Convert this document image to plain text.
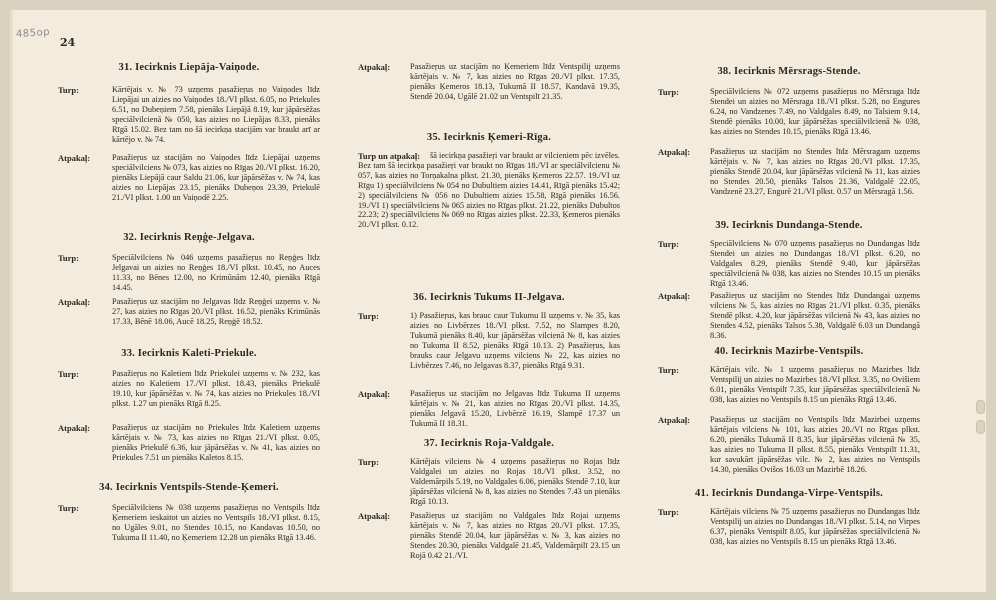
485op
24
31. Iecirknis Liepāja-Vaiņode.
Turp:	Kārtējais v. № 73 uzņems pasažieŗus no Vaiņodes līdz Liepājai un aizies no Vaiņodes 18./VI plkst. 6.05, no Priekules 6.51, no Dubeņiem 7.58, pienāks Liepājā 8.19, kur jāpārsēžas speciālvilcienā № 050, kas aizies no Liepājas 8.33, pienāks Rīgā 15.02. Bez tam no šā iecirkņa stacijām var braukt arī ar kārtējo v. № 74.
Atpakaļ:	Pasažieŗus uz stacijām no Vaiņodes līdz Liepājai uzņems speciālvilciens № 073, kas aizies no Rīgas 20./VI plkst. 16.20, pienāks Liepājā caur Saldu 21.06, kur jāpārsēžas v. № 74, kas aizies no Liepājas 23.15, pienāks Dubeņos 23.39, Priekulē 21./VI plkst. 1.00 un Vaiņodē 2.25.
32. Iecirknis Reņģe-Jelgava.
Turp:	Speciālvilciens № 046 uzņems pasažieŗus no Reņģes līdz Jelgavai un aizies no Reņģes 18./VI plkst. 10.45, no Auces 11.33, no Bēnes 12.00, no Krimūnām 12.40, pienāks Rīgā 14.45.
Atpakaļ:	Pasažieŗus uz stacijām no Jelgavas līdz Reņģei uzņems v. № 27, kas aizies no Rīgas 20./VI plkst. 16.52, pienāks Krimūnās 17.33, Bēnē 18.06, Aucē 18.25, Reņģē 18.52.
33. Iecirknis Kaleti-Priekule.
Turp:	Pasažieŗus no Kaletiem līdz Priekulei uzņems v. № 232, kas aizies no Kaletiem 17./VI plkst. 18.43, pienāks Priekulē 19.10, kur jāpārsēžas v. № 74, kas aizies no Priekules 18./VI plkst. 1.27 un pienāks Rīgā 8.25.
Atpakaļ:	Pasažieŗus uz stacijām no Priekules līdz Kaletiem uzņems kārtējais v. № 73, kas aizies no Rīgas 21./VI plkst. 0.05, pienāks Priekulē 6.36, kur jāpārsēžas v. № 41, kas aizies no Priekules 7.51 un pienāks Kaletos 8.15.
34. Iecirknis Ventspils-Stende-Ķemeri.
Turp:	Speciālvilciens № 038 uzņems pasažieŗus no Ventspils līdz Ķemeriem ieskaitot un aizies no Ventspils 18./VI plkst. 8.15, no Ugāles 9.01, no Stendes 10.15, no Kandavas 10.50, no Tukuma II 11.40, no Ķemeriem 12.28 un pienāks Rīgā 13.46.
Atpakaļ: Pasažieŗus uz stacijām no Ķemeriem līdz Ventspilij uzņems kārtējais v. № 7, kas aizies no Rīgas 20./VI plkst. 17.35, pienāks Ķemeros 18.13, Tukumā II 18.57, Kandavā 19.35, Stendē 20.04, Ugālē 21.02 un Ventspilī 21.35.
35. Iecirknis Ķemeri-Rīga.
Turp un atpakaļ:	šā iecirkņa pasažieŗi var braukt ar vilcieniem pēc izvēles. Bez tam šā iecirkņa pasažieŗi var braukt no Rīgas 18./VI ar speciālvilcienu № 057, kas aizies no Torņakalna plkst. 21.30, pienāks Ķemeros 22.57. 19./VI uz Rīgu 1) speciālvilciens № 054 no Dubultiem aizies 14.41, Rīgā pienāks 15.42; 2) speciālvilciens № 056 no Dubultiem aizies 15.58, Rīgā pienāks 16.56. 19./VI 1) speciālvilciens № 065 aizies no Rīgas plkst. 21.22, pienāks Dubultos 22.23; 2) speciālvilciens № 069 no Rīgas aizies plkst. 22.33, Ķemeros pienāks 20./VI plkst. 0.12.
36. Iecirknis Tukums II-Jelgava.
Turp:	1) Pasažieŗus, kas brauc caur Tukumu II uzņems v. № 35, kas aizies no Livbērzes 18./VI plkst. 7.52, no Slampes 8.20, Tukumā pienāks 8.40, kur jāpārsēžas vilcienā № 8, kas aizies no Tukuma II 8.52, pienāks Rīgā 10.13. 2) Pasažieŗus, kas brauks caur Jelgavu uzņems vilciens № 22, kas aizies no Livbērzes 7.46, no Jelgavas 8.37, pienāks Rīgā 9.31.
Atpakaļ: Pasažieŗus uz stacijām no Jelgavas līdz Tukuma II uzņems kārtējais v. № 21, kas aizies no Rīgas 20./VI plkst. 14.35, pienāks Jelgavā 15.20, Livbērzē 16.19, Slampē 17.37 un Tukumā II 18.31.
37. Iecirknis Roja-Valdgale.
Turp:	Kārtējais vilciens № 4 uzņems pasažieŗus no Rojas līdz Valdgalei un aizies no Rojas 18./VI plkst. 3.52, no Valdemārpils 5.19, no Valdgales 6.06, pienāks Stendē 7.10, kur jāpārsēžas vilcienā № 8, kas aizies no Stendes 7.43 un pienāks Rīgā 10.13.
Atpakaļ: Pasažieŗus uz stacijām no Valdgales līdz Rojai uzņems kārtējais v. № 7, kas aizies no Rīgas 20./VI plkst. 17.35, pienāks Stendē 20.04, kur jāpārsēžas v. № 3, kas aizies no Stendes 20.30, pienāks Valdgalē 21.45, Valdemārpilī 23.15 un Rojā 0.42 21./VI.
38. Iecirknis Mērsrags-Stende.
Turp:	Speciālvilciens № 072 uzņems pasažieŗus no Mērsraga līdz Stendei un aizies no Mērsraga 18./VI plkst. 5.28, no Engures 6.24, no Vandzenes 7.49, no Valdgales 8.49, no Talsiem 9.14, Stendē pienāks 10.00, kur jāpārsēžas speciālvilcienā № 038, kas aizies no Stendes 10.15, pienāks Rīgā 13.46.
Atpakaļ: Pasažieŗus uz stacijām no Stendes līdz Mērsragam uzņems kārtējais v. № 7, kas aizies no Rīgas 20./VI plkst. 17.35, pienāks Stendē 20.04, kur jāpārsēžas vilcienā № 11, kas aizies no Stendes 20.50, pienāks Talsos 21.36, Valdgalē 22.05, Vandzenē 23.27, Engurē 21./VI plkst. 0.57 un Mērsragā 1.56.
39. Iecirknis Dundanga-Stende.
Turp:	Speciālvilciens № 070 uzņems pasažieŗus no Dundangas līdz Stendei un aizies no Dundangas 18./VI plkst. 6.20, no Valdgales 8.29, pienāks Stendē 9.40, kur jāpārsēžas speciālvilcienā № 038, kas aizies no Stendes 10.15 un pienāks Rīgā 13.46.
Atpakaļ: Pasažieŗus uz stacijām no Stendes līdz Dundangai uzņems vilciens № 5, kas aizies no Rīgas 21./VI plkst. 0.35, pienāks Stendē plkst. 4.20, kur jāpārsēžas vilcienā № 43, kas aizies no Stendes 4.52, pienāks Talsos 5.38, Valdgalē 6.03 un Dundangā 8.36.
40. Iecirknis Mazirbe-Ventspils.
Turp:	Kārtējais vilc. № 1 uzņems pasažieŗus no Mazirbes līdz Ventspilij un aizies no Mazirbes 18./VI plkst. 3.35, no Ovišiem 6.01, pienāks Ventspilī 7.35, kur jāpārsēžas speciālvilcienā № 038, kas aizies no Ventspils 8.15 un pienāks Rīgā 13.46.
Atpakaļ: Pasažieŗus uz stacijām no Ventspils līdz Mazirbei uzņems kārtējais vilciens № 101, kas aizies 20./VI no Rīgas plkst. 6.20, pienāks Tukumā II 8.35, kur jāpārsēžas vilcienā № 35, kas aizies no Tukuma II plkst. 8.55, pienāks Ventspilī 11.31, kur savukārt jāpārsēžas vilc. № 2, kas aizies no Ventspils 14.30, pienāks Ovišos 16.03 un Mazirbē 18.26.
41. Iecirknis Dundanga-Virpe-Ventspils.
Turp:	Kārtējais vilciens № 75 uzņems pasažieŗus no Dundangas līdz Ventspilij un aizies no Dundangas 18./VI plkst. 5.14, no Virpes 6.37, pienāks Ventspilī 8.05, kur jāpārsēžas speciālvilcienā № 038, kas aizies no Ventspils 8.15 un pienāks Rīgā 13.46.
